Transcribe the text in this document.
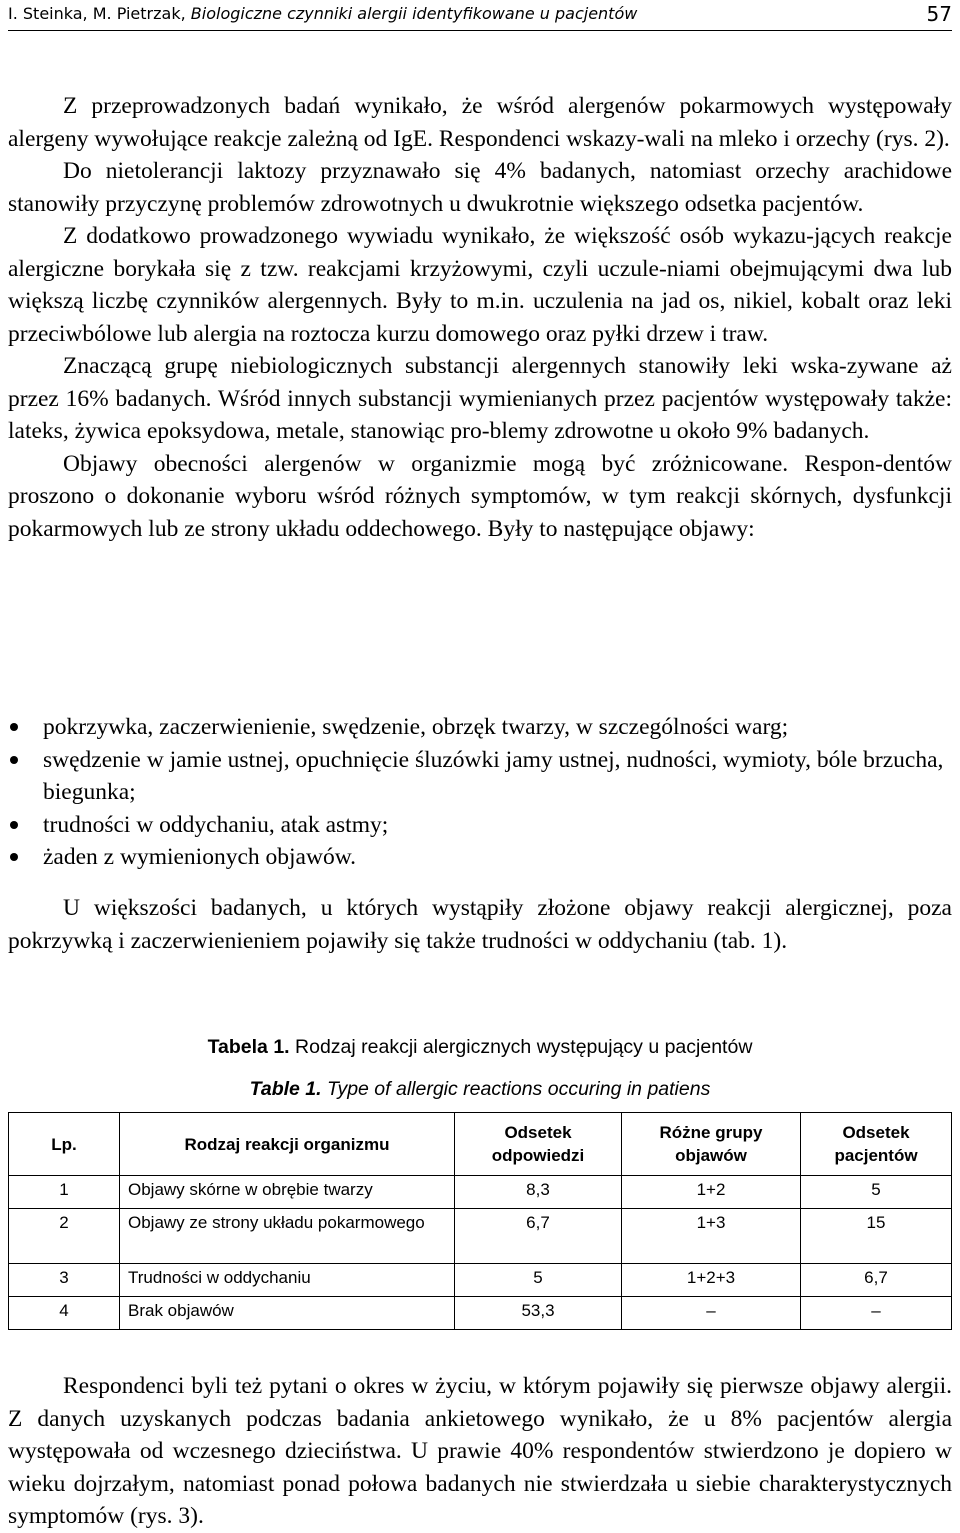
I. Steinka, M. Pietrzak, Biologiczne czynniki alergii identyfikowane u pacjentów	57

Z przeprowadzonych badań wynikało, że wśród alergenów pokarmowych występowały alergeny wywołujące reakcje zależną od IgE. Respondenci wskazy-wali na mleko i orzechy (rys. 2).

Do nietolerancji laktozy przyznawało się 4% badanych, natomiast orzechy arachidowe stanowiły przyczynę problemów zdrowotnych u dwukrotnie większego odsetka pacjentów.

Z dodatkowo prowadzonego wywiadu wynikało, że większość osób wykazu-jących reakcje alergiczne borykała się z tzw. reakcjami krzyżowymi, czyli uczule-niami obejmującymi dwa lub większą liczbę czynników alergennych. Były to m.in. uczulenia na jad os, nikiel, kobalt oraz leki przeciwbólowe lub alergia na roztocza kurzu domowego oraz pyłki drzew i traw.

Znaczącą grupę niebiologicznych substancji alergennych stanowiły leki wska-zywane aż przez 16% badanych. Wśród innych substancji wymienianych przez pacjentów występowały także: lateks, żywica epoksydowa, metale, stanowiąc pro-blemy zdrowotne u około 9% badanych.

Objawy obecności alergenów w organizmie mogą być zróżnicowane. Respon-dentów proszono o dokonanie wyboru wśród różnych symptomów, w tym reakcji skórnych, dysfunkcji pokarmowych lub ze strony układu oddechowego. Były to następujące objawy:

pokrzywka, zaczerwienienie, swędzenie, obrzęk twarzy, w szczególności warg;
swędzenie w jamie ustnej, opuchnięcie śluzówki jamy ustnej, nudności, wymioty, bóle brzucha, biegunka;
trudności w oddychaniu, atak astmy;
żaden z wymienionych objawów.

U większości badanych, u których wystąpiły złożone objawy reakcji alergicznej, poza pokrzywką i zaczerwienieniem pojawiły się także trudności w oddychaniu (tab. 1).

Tabela 1. Rodzaj reakcji alergicznych występujący u pacjentów
Table 1. Type of allergic reactions occuring in patiens
Lp.	Rodzaj reakcji organizmu	Odsetek odpowiedzi	Różne grupy objawów	Odsetek pacjentów
1	Objawy skórne w obrębie twarzy	8,3	1+2	5
2	Objawy ze strony układu pokarmowego	6,7	1+3	15
3	Trudności w oddychaniu	5	1+2+3	6,7
4	Brak objawów	53,3	–	–

Respondenci byli też pytani o okres w życiu, w którym pojawiły się pierwsze objawy alergii. Z danych uzyskanych podczas badania ankietowego wynikało, że u 8% pacjentów alergia występowała od wczesnego dzieciństwa. U prawie 40% respondentów stwierdzono je dopiero w wieku dojrzałym, natomiast ponad połowa badanych nie stwierdzała u siebie charakterystycznych symptomów (rys. 3).
